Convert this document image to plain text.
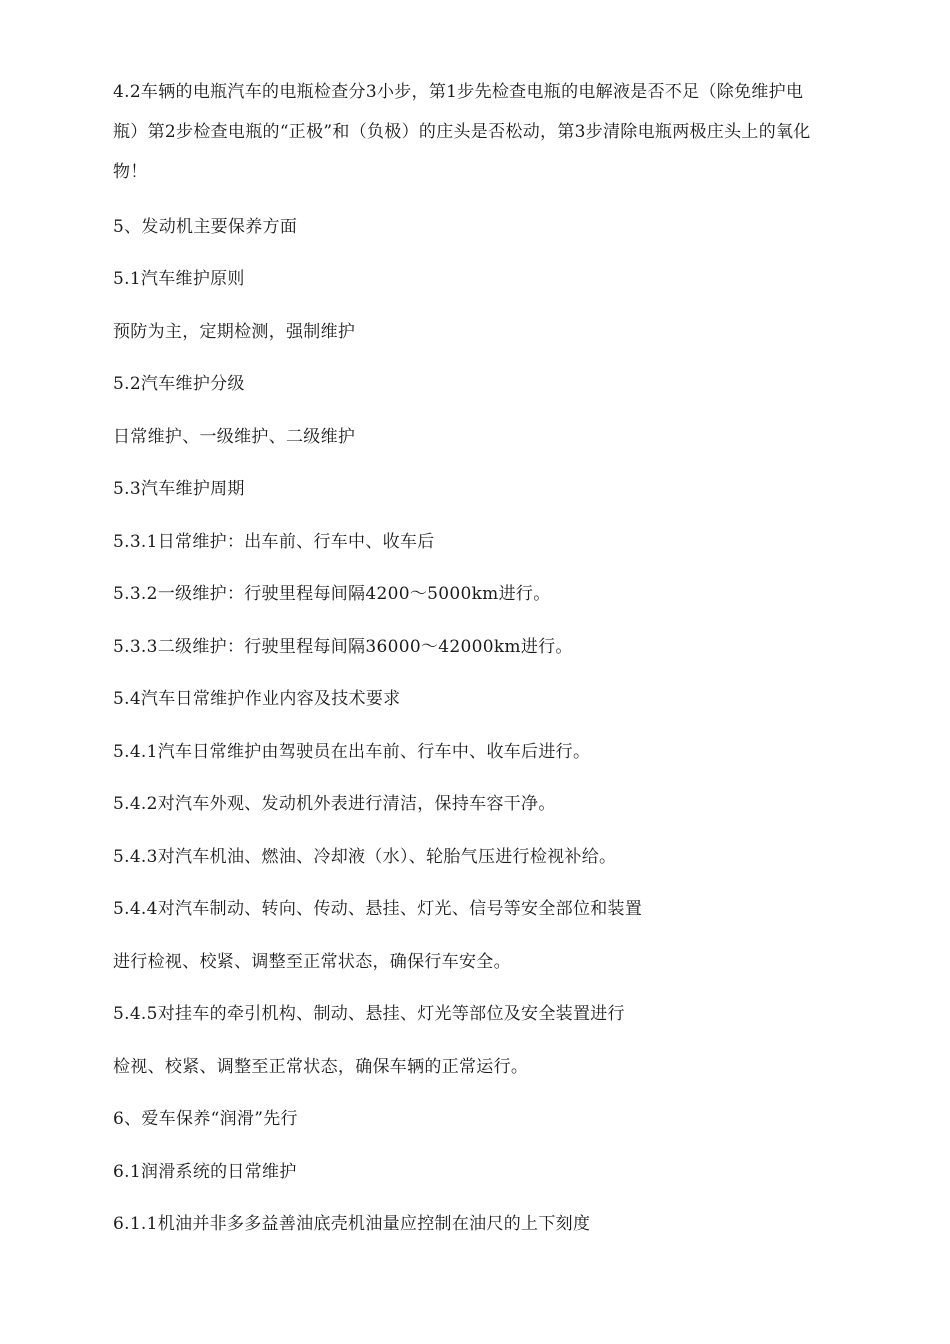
4.2车辆的电瓶汽车的电瓶检查分3小步，第1步先检查电瓶的电解液是否不足（除免维护电
瓶）第2步检查电瓶的“正极”和（负极）的庄头是否松动，第3步清除电瓶两极庄头上的氧化
物！
5、发动机主要保养方面
5.1汽车维护原则
预防为主，定期检测，强制维护
5.2汽车维护分级
日常维护、一级维护、二级维护
5.3汽车维护周期
5.3.1日常维护：出车前、行车中、收车后
5.3.2一级维护：行驶里程每间隔4200～5000km进行。
5.3.3二级维护：行驶里程每间隔36000～42000km进行。
5.4汽车日常维护作业内容及技术要求
5.4.1汽车日常维护由驾驶员在出车前、行车中、收车后进行。
5.4.2对汽车外观、发动机外表进行清洁，保持车容干净。
5.4.3对汽车机油、燃油、冷却液（水）、轮胎气压进行检视补给。
5.4.4对汽车制动、转向、传动、悬挂、灯光、信号等安全部位和装置
进行检视、校紧、调整至正常状态，确保行车安全。
5.4.5对挂车的牵引机构、制动、悬挂、灯光等部位及安全装置进行
检视、校紧、调整至正常状态，确保车辆的正常运行。
6、爱车保养“润滑”先行
6.1润滑系统的日常维护
6.1.1机油并非多多益善油底壳机油量应控制在油尺的上下刻度
